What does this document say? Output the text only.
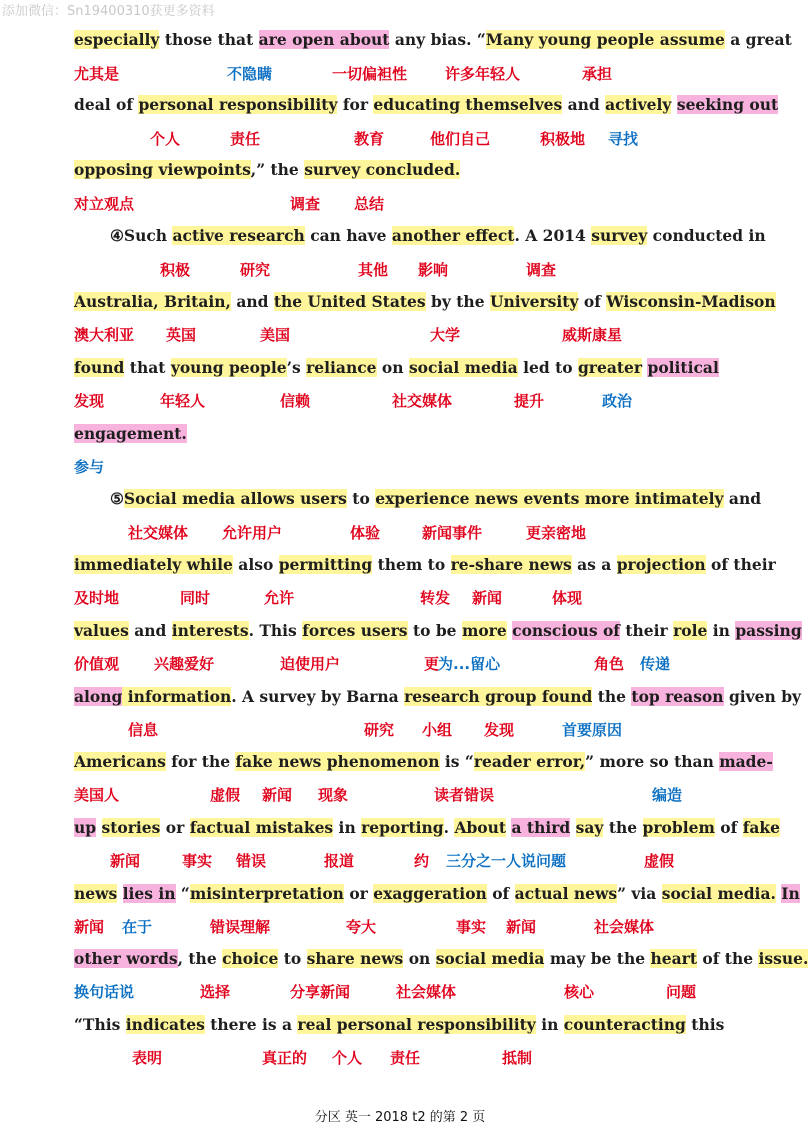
添加微信：Sn19400310获更多资料
especially those that are open about any bias. “Many young people assume a great
deal of personal responsibility for educating themselves and actively seeking out
opposing viewpoints,” the survey concluded.
④Such active research can have another effect. A 2014 survey conducted in
Australia, Britain, and the United States by the University of Wisconsin-Madison
found that young people’s reliance on social media led to greater political
engagement.
⑤Social media allows users to experience news events more intimately and
immediately while also permitting them to re-share news as a projection of their
values and interests. This forces users to be more conscious of their role in passing
along information. A survey by Barna research group found the top reason given by
Americans for the fake news phenomenon is “reader error,” more so than made-
up stories or factual mistakes in reporting. About a third say the problem of fake
news lies in “misinterpretation or exaggeration of actual news” via social media. In
other words, the choice to share news on social media may be the heart of the issue.
“This indicates there is a real personal responsibility in counteracting this
尤其是	不隐瞒	一切偏袒性	许多年轻人	承担
个人	责任	教育	他们自己	积极地 寻找
对立观点	调查 总结
积极	研究	其他 影响	调查
澳大利亚 英国	美国	大学	威斯康星
发现	年轻人	信赖	社交媒体	提升	政治
参与
社交媒体 允许用户	体验	新闻事件	更亲密地
及时地	同时	允许	转发 新闻	体现
价值观 兴趣爱好	迫使用户	更
为...留心	角色 传递
信息	研究 小组 发现	首要原因
美国人	虚假 新闻 现象	读者错误	编造
新闻	事实 错误	报道	约 三分之一人说问题	虚假
新闻 在于	错误理解	夸大	事实 新闻	社会媒体
换句话说	选择	分享新闻	社会媒体	核心	问题
表明	真正的 个人 责任	抵制
分区 英一 2018 t2 的第 2 页
